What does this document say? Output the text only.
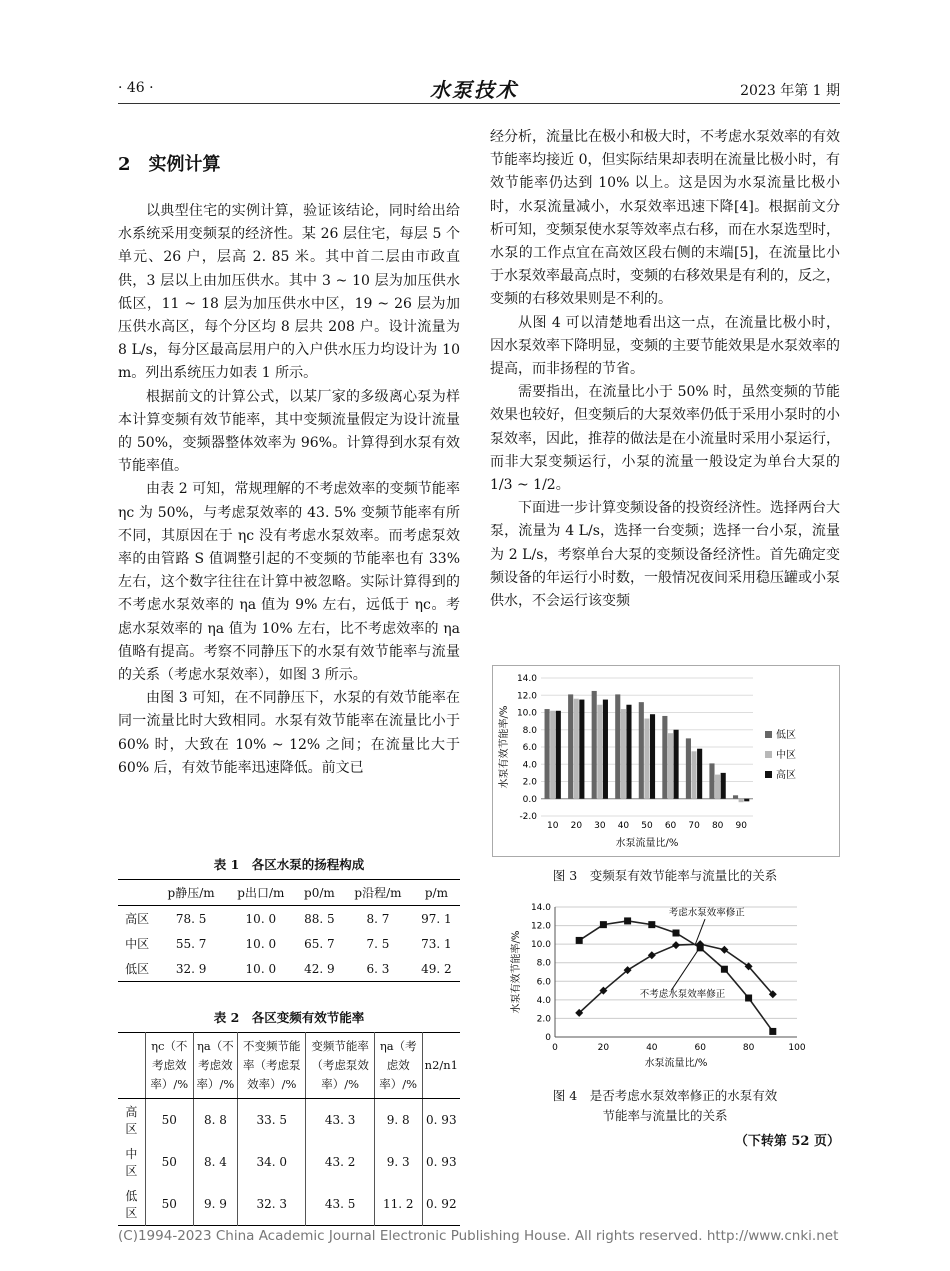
· 46 ·	水泵技术	2023 年第 1 期
2 实例计算

以典型住宅的实例计算，验证该结论，同时给出给水系统采用变频泵的经济性。某 26 层住宅，每层 5 个单元、26 户，层高 2. 85 米。其中首二层由市政直供，3 层以上由加压供水。其中 3 ~ 10 层为加压供水低区，11 ~ 18 层为加压供水中区，19 ~ 26 层为加压供水高区，每个分区均 8 层共 208 户。设计流量为 8 L/s，每分区最高层用户的入户供水压力均设计为 10 m。列出系统压力如表 1 所示。

根据前文的计算公式，以某厂家的多级离心泵为样本计算变频有效节能率，其中变频流量假定为设计流量的 50%，变频器整体效率为 96%。计算得到水泵有效节能率值。

由表 2 可知，常规理解的不考虑效率的变频节能率 ηc 为 50%，与考虑泵效率的 43. 5% 变频节能率有所不同，其原因在于 ηc 没有考虑水泵效率。而考虑泵效率的由管路 S 值调整引起的不变频的节能率也有 33% 左右，这个数字往往在计算中被忽略。实际计算得到的不考虑水泵效率的 ηa 值为 9% 左右，远低于 ηc。考虑水泵效率的 ηa 值为 10% 左右，比不考虑效率的 ηa 值略有提高。考察不同静压下的水泵有效节能率与流量的关系（考虑水泵效率），如图 3 所示。

由图 3 可知，在不同静压下，水泵的有效节能率在同一流量比时大致相同。水泵有效节能率在流量比小于 60% 时，大致在 10% ~ 12% 之间；在流量比大于 60% 后，有效节能率迅速降低。前文已

表 1　各区水泵的扬程构成
	p静压/m	p出口/m	p0/m	p沿程/m	p/m
高区	78. 5	10. 0	88. 5	8. 7	97. 1
中区	55. 7	10. 0	65. 7	7. 5	73. 1
低区	32. 9	10. 0	42. 9	6. 3	49. 2
表 2　各区变频有效节能率
	ηc（不考虑效率）/%	ηa（不考虑效率）/%	不变频节能率（考虑泵效率）/%	变频节能率（考虑泵效率）/%	ηa（考虑效率）/%	n2/n1
高区	50	8. 8	33. 5	43. 3	9. 8	0. 93
中区	50	8. 4	34. 0	43. 2	9. 3	0. 93
低区	50	9. 9	32. 3	43. 5	11. 2	0. 92

经分析，流量比在极小和极大时，不考虑水泵效率的有效节能率均接近 0，但实际结果却表明在流量比极小时，有效节能率仍达到 10% 以上。这是因为水泵流量比极小时，水泵流量减小，水泵效率迅速下降[4]。根据前文分析可知，变频泵使水泵等效率点右移，而在水泵选型时，水泵的工作点宜在高效区段右侧的末端[5]，在流量比小于水泵效率最高点时，变频的右移效果是有利的，反之，变频的右移效果则是不利的。

从图 4 可以清楚地看出这一点，在流量比极小时，因水泵效率下降明显，变频的主要节能效果是水泵效率的提高，而非扬程的节省。

需要指出，在流量比小于 50% 时，虽然变频的节能效果也较好，但变频后的大泵效率仍低于采用小泵时的小泵效率，因此，推荐的做法是在小流量时采用小泵运行，而非大泵变频运行，小泵的流量一般设定为单台大泵的 1/3 ~ 1/2。

下面进一步计算变频设备的投资经济性。选择两台大泵，流量为 4 L/s，选择一台变频；选择一台小泵，流量为 2 L/s，考察单台大泵的变频设备经济性。首先确定变频设备的年运行小时数，一般情况夜间采用稳压罐或小泵供水，不会运行该变频

-2.0
0.0
2.0
4.0
6.0
8.0
10.0
12.0
14.0
10 20 30 40 50 60 70 80 90
水泵流量比/%
水泵有效节能率/%	低区
中区
高区
图 3　变频泵有效节能率与流量比的关系
0
2.0
4.0
6.0
8.0
10.0
12.0
14.0
0	20	40	60	80	100
考虑水泵效率修正
不考虑水泵效率修正
水泵流量比/%
水泵有效节能率/%
图 4　是否考虑水泵效率修正的水泵有效
节能率与流量比的关系
（下转第 52 页）
(C)1994-2023 China Academic Journal Electronic Publishing House. All rights reserved. http://www.cnki.net
